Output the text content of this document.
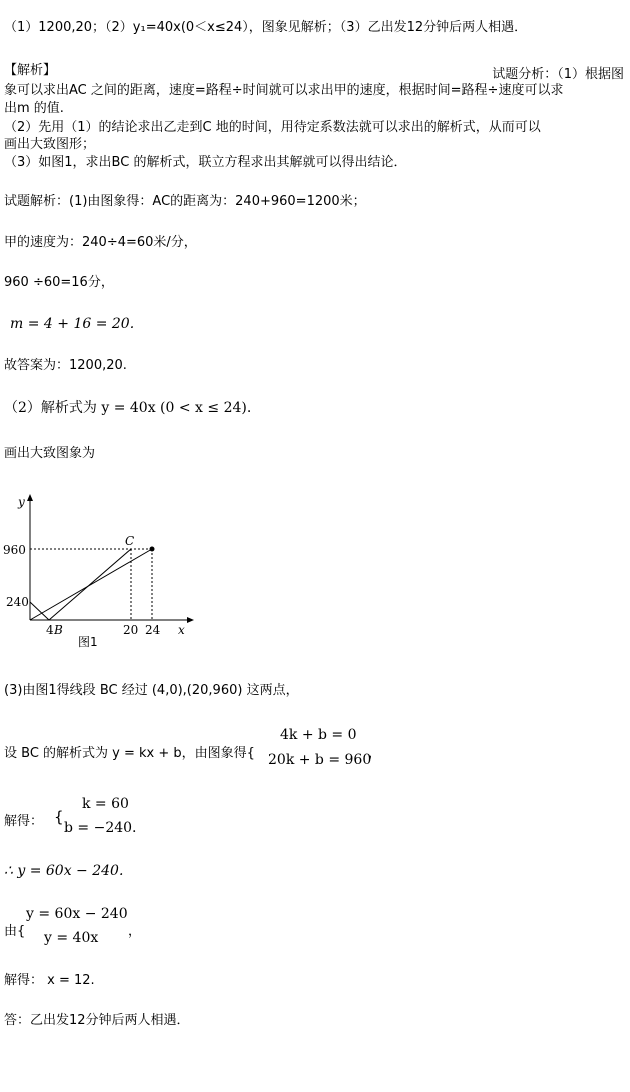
（1）1200,20；（2）y₁=40x(0＜x≤24），图象见解析；（3）乙出发12分钟后两人相遇．
【解析】	试题分析：（1）根据图
象可以求出AC 之间的距离，速度=路程÷时间就可以求出甲的速度，根据时间=路程÷速度可以求
出m 的值.
（2）先用（1）的结论求出乙走到C 地的时间，用待定系数法就可以求出的解析式，从而可以
画出大致图形；
（3）如图1，求出BC 的解析式，联立方程求出其解就可以得出结论．
试题解析：(1)由图象得：AC的距离为：240+960=1200米；
甲的速度为：240÷4=60米/分，
960 ÷60=16分，
m = 4 + 16 = 20.
故答案为：1200,20.
（2）解析式为 y = 40x (0 < x ≤ 24).
画出大致图象为
y
x
960
240
4 B	20 24
C
图1
(3)由图1得线段 BC 经过 (4,0),(20,960) 这两点，
设 BC 的解析式为 y = kx + b，由图象得{
4k + b = 0
20k + b = 960
，
解得： {
k = 60
b = −240.
∴ y = 60x − 240.
由{
y = 60x − 240
y = 40x ，
解得： x = 12.
答：乙出发12分钟后两人相遇．
